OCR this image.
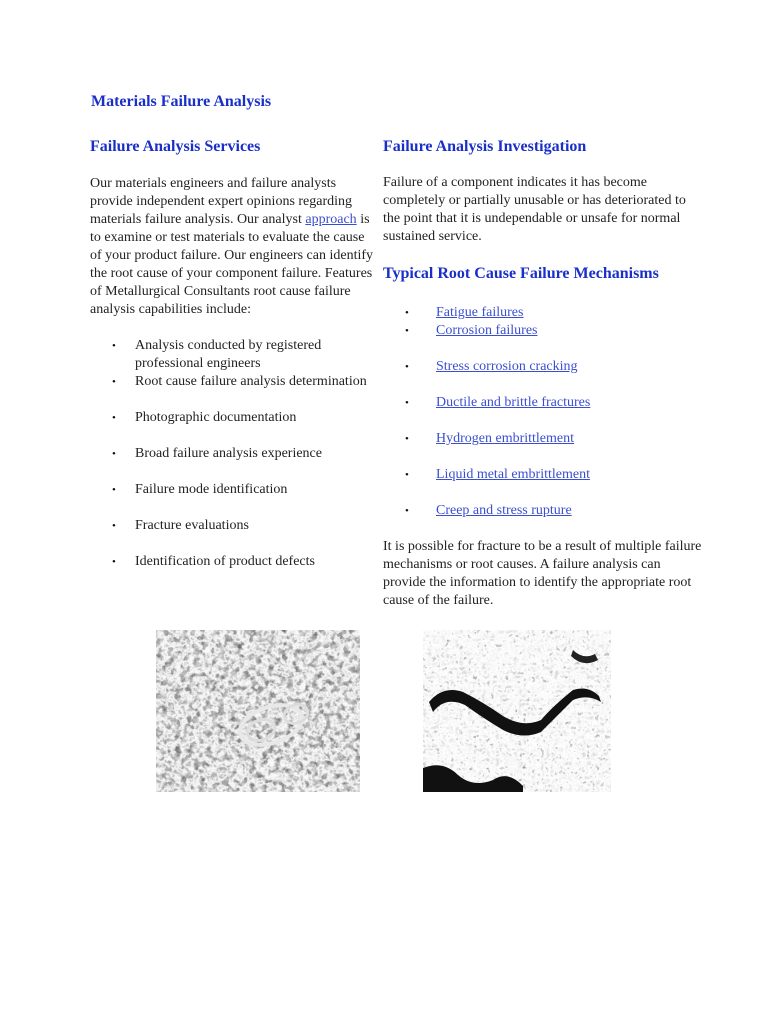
Materials Failure Analysis
Failure Analysis Services

Our materials engineers and failure analysts provide independent expert opinions regarding materials failure analysis. Our analyst approach is to examine or test materials to evaluate the cause of your product failure. Our engineers can identify the root cause of your component failure. Features of Metallurgical Consultants root cause failure analysis capabilities include:

• Analysis conducted by registered professional engineers
• Root cause failure analysis determination
• Photographic documentation
• Broad failure analysis experience
• Failure mode identification
• Fracture evaluations
• Identification of product defects
Failure Analysis Investigation

Failure of a component indicates it has become completely or partially unusable or has deteriorated to the point that it is undependable or unsafe for normal sustained service.

Typical Root Cause Failure Mechanisms
• Fatigue failures
• Corrosion failures
• Stress corrosion cracking
• Ductile and brittle fractures
• Hydrogen embrittlement
• Liquid metal embrittlement
• Creep and stress rupture

It is possible for fracture to be a result of multiple failure mechanisms or root causes. A failure analysis can provide the information to identify the appropriate root cause of the failure.
